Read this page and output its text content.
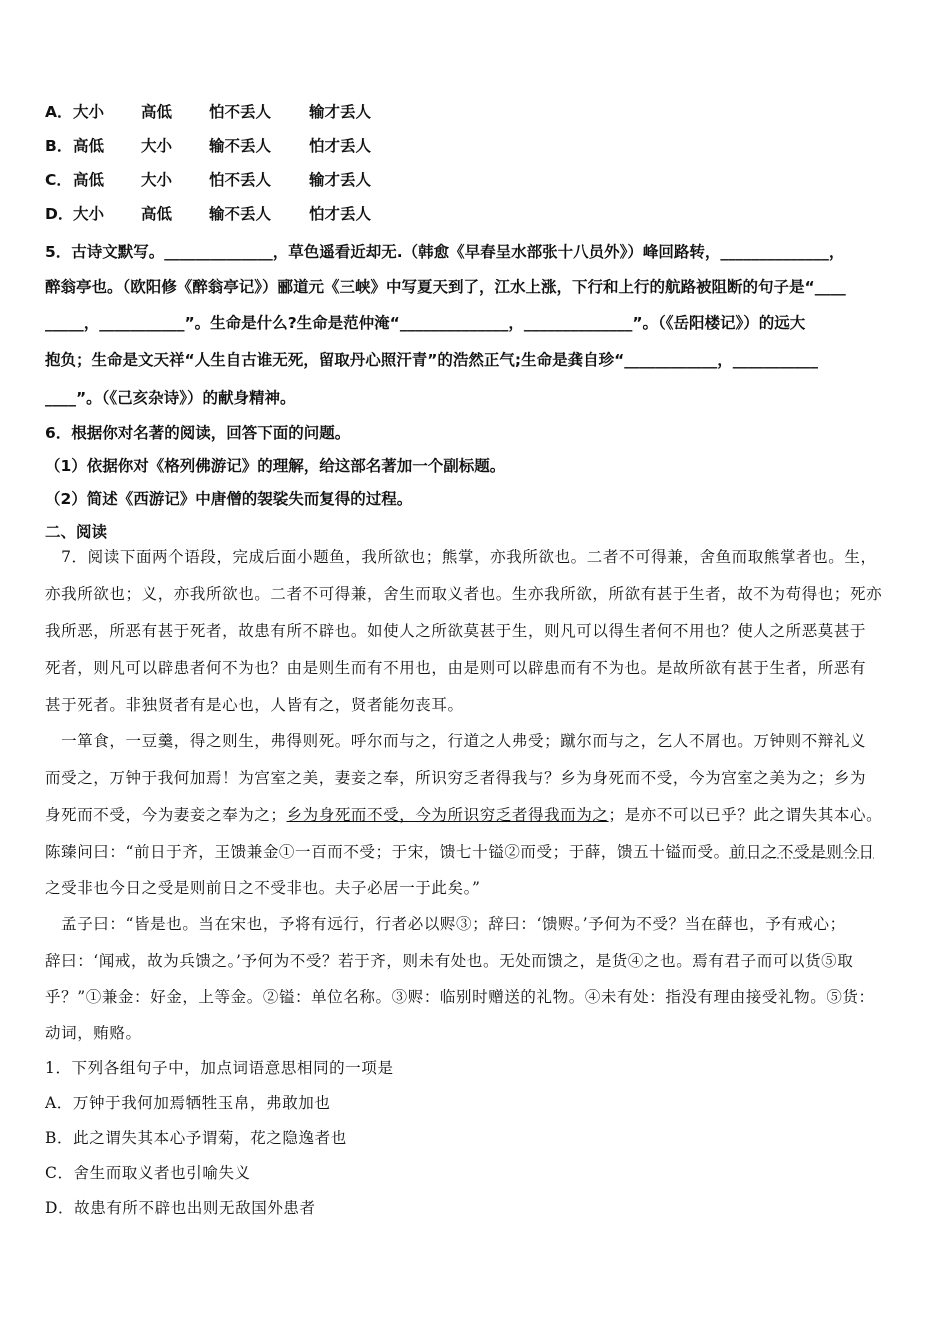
A．大小 高低 怕不丢人 输才丢人
B．高低 大小 输不丢人 怕才丢人
C．高低 大小 怕不丢人 输才丢人
D．大小 高低 输不丢人 怕才丢人
5．古诗文默写。______________，草色遥看近却无.（韩愈《早春呈水部张十八员外》）峰回路转，______________，
醉翁亭也。（欧阳修《醉翁亭记》）郦道元《三峡》中写夏天到了，江水上涨，下行和上行的航路被阻断的句子是“____
_____，___________”。生命是什么?生命是范仲淹“______________，______________”。（《岳阳楼记》）的远大
抱负；生命是文天祥“人生自古谁无死，留取丹心照汗青”的浩然正气;生命是龚自珍“____________，___________
____”。（《己亥杂诗》）的献身精神。
6．根据你对名著的阅读，回答下面的问题。
（1）依据你对《格列佛游记》的理解，给这部名著加一个副标题。
（2）简述《西游记》中唐僧的袈裟失而复得的过程。
二、阅读
　7．阅读下面两个语段，完成后面小题鱼，我所欲也；熊掌，亦我所欲也。二者不可得兼，舍鱼而取熊掌者也。生，
亦我所欲也；义，亦我所欲也。二者不可得兼，舍生而取义者也。生亦我所欲，所欲有甚于生者，故不为苟得也；死亦
我所恶，所恶有甚于死者，故患有所不辟也。如使人之所欲莫甚于生，则凡可以得生者何不用也？使人之所恶莫甚于
死者，则凡可以辟患者何不为也？由是则生而有不用也，由是则可以辟患而有不为也。是故所欲有甚于生者，所恶有
甚于死者。非独贤者有是心也，人皆有之，贤者能勿丧耳。
　一箪食，一豆羹，得之则生，弗得则死。呼尔而与之，行道之人弗受；蹴尔而与之，乞人不屑也。万钟则不辩礼义
而受之，万钟于我何加焉！为宫室之美，妻妾之奉，所识穷乏者得我与？乡为身死而不受，今为宫室之美为之；乡为
身死而不受，今为妻妾之奉为之；乡为身死而不受，今为所识穷乏者得我而为之；是亦不可以已乎？此之谓失其本心。
陈臻问曰：“前日于齐，王馈兼金①一百而不受；于宋，馈七十镒②而受；于薛，馈五十镒而受。前日之不受是则今日
之受非也今日之受是则前日之不受非也。夫子必居一于此矣。”
　孟子曰：“皆是也。当在宋也，予将有远行，行者必以赆③；辞曰：‘馈赆。’予何为不受？当在薛也，予有戒心；
辞曰：‘闻戒，故为兵馈之。’予何为不受？若于齐，则未有处也。无处而馈之，是货④之也。焉有君子而可以货⑤取
乎？”①兼金：好金，上等金。②镒：单位名称。③赆：临别时赠送的礼物。④未有处：指没有理由接受礼物。⑤货：
动词，贿赂。
1．下列各组句子中，加点词语意思相同的一项是
A．万钟于我何加焉牺牲玉帛，弗敢加也
B．此之谓失其本心予谓菊，花之隐逸者也
C．舍生而取义者也引喻失义
D．故患有所不辟也出则无敌国外患者
